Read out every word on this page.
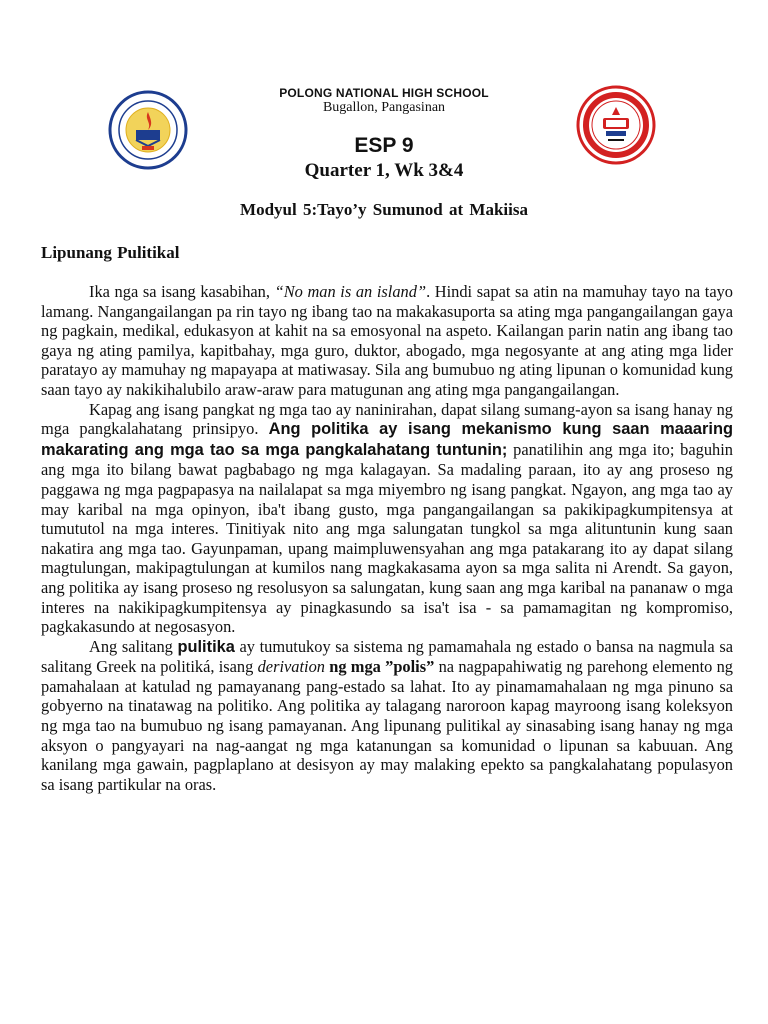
POLONG NATIONAL HIGH SCHOOL
Bugallon, Pangasinan
ESP 9
Quarter 1, Wk 3&4
Modyul 5:Tayo’y Sumunod at Makiisa
Lipunang Pulitikal

Ika nga sa isang kasabihan, “No man is an island”. Hindi sapat sa atin na mamuhay tayo na tayo lamang. Nangangailangan pa rin tayo ng ibang tao na makakasuporta sa ating mga pangangailangan gaya ng pagkain, medikal, edukasyon at kahit na sa emosyonal na aspeto. Kailangan parin natin ang ibang tao gaya ng ating pamilya, kapitbahay, mga guro, duktor, abogado, mga negosyante at ang ating mga lider paratayo ay mamuhay ng mapayapa at matiwasay. Sila ang bumubuo ng ating lipunan o komunidad kung saan tayo ay nakikihalubilo araw-araw para matugunan ang ating mga pangangailangan.

Kapag ang isang pangkat ng mga tao ay naninirahan, dapat silang sumang-ayon sa isang hanay ng mga pangkalahatang prinsipyo. Ang politika ay isang mekanismo kung saan maaaring makarating ang mga tao sa mga pangkalahatang tuntunin; panatilihin ang mga ito; baguhin ang mga ito bilang bawat pagbabago ng mga kalagayan. Sa madaling paraan, ito ay ang proseso ng paggawa ng mga pagpapasya na nailalapat sa mga miyembro ng isang pangkat. Ngayon, ang mga tao ay may karibal na mga opinyon, iba't ibang gusto, mga pangangailangan sa pakikipagkumpitensya at tumututol na mga interes. Tinitiyak nito ang mga salungatan tungkol sa mga alituntunin kung saan nakatira ang mga tao. Gayunpaman, upang maimpluwensyahan ang mga patakarang ito ay dapat silang magtulungan, makipagtulungan at kumilos nang magkakasama ayon sa mga salita ni Arendt. Sa gayon, ang politika ay isang proseso ng resolusyon sa salungatan, kung saan ang mga karibal na pananaw o mga interes na nakikipagkumpitensya ay pinagkasundo sa isa't isa - sa pamamagitan ng kompromiso, pagkakasundo at negosasyon.

Ang salitang pulitika ay tumutukoy sa sistema ng pamamahala ng estado o bansa na nagmula sa salitang Greek na politiká, isang derivation ng mga ”polis” na nagpapahiwatig ng parehong elemento ng pamahalaan at katulad ng pamayanang pang-estado sa lahat. Ito ay pinamamahalaan ng mga pinuno sa gobyerno na tinatawag na politiko. Ang politika ay talagang naroroon kapag mayroong isang koleksyon ng mga tao na bumubuo ng isang pamayanan. Ang lipunang pulitikal ay sinasabing isang hanay ng mga aksyon o pangyayari na nag-aangat ng mga katanungan sa komunidad o lipunan sa kabuuan. Ang kanilang mga gawain, pagplaplano at desisyon ay may malaking epekto sa pangkalahatang populasyon sa isang partikular na oras.
